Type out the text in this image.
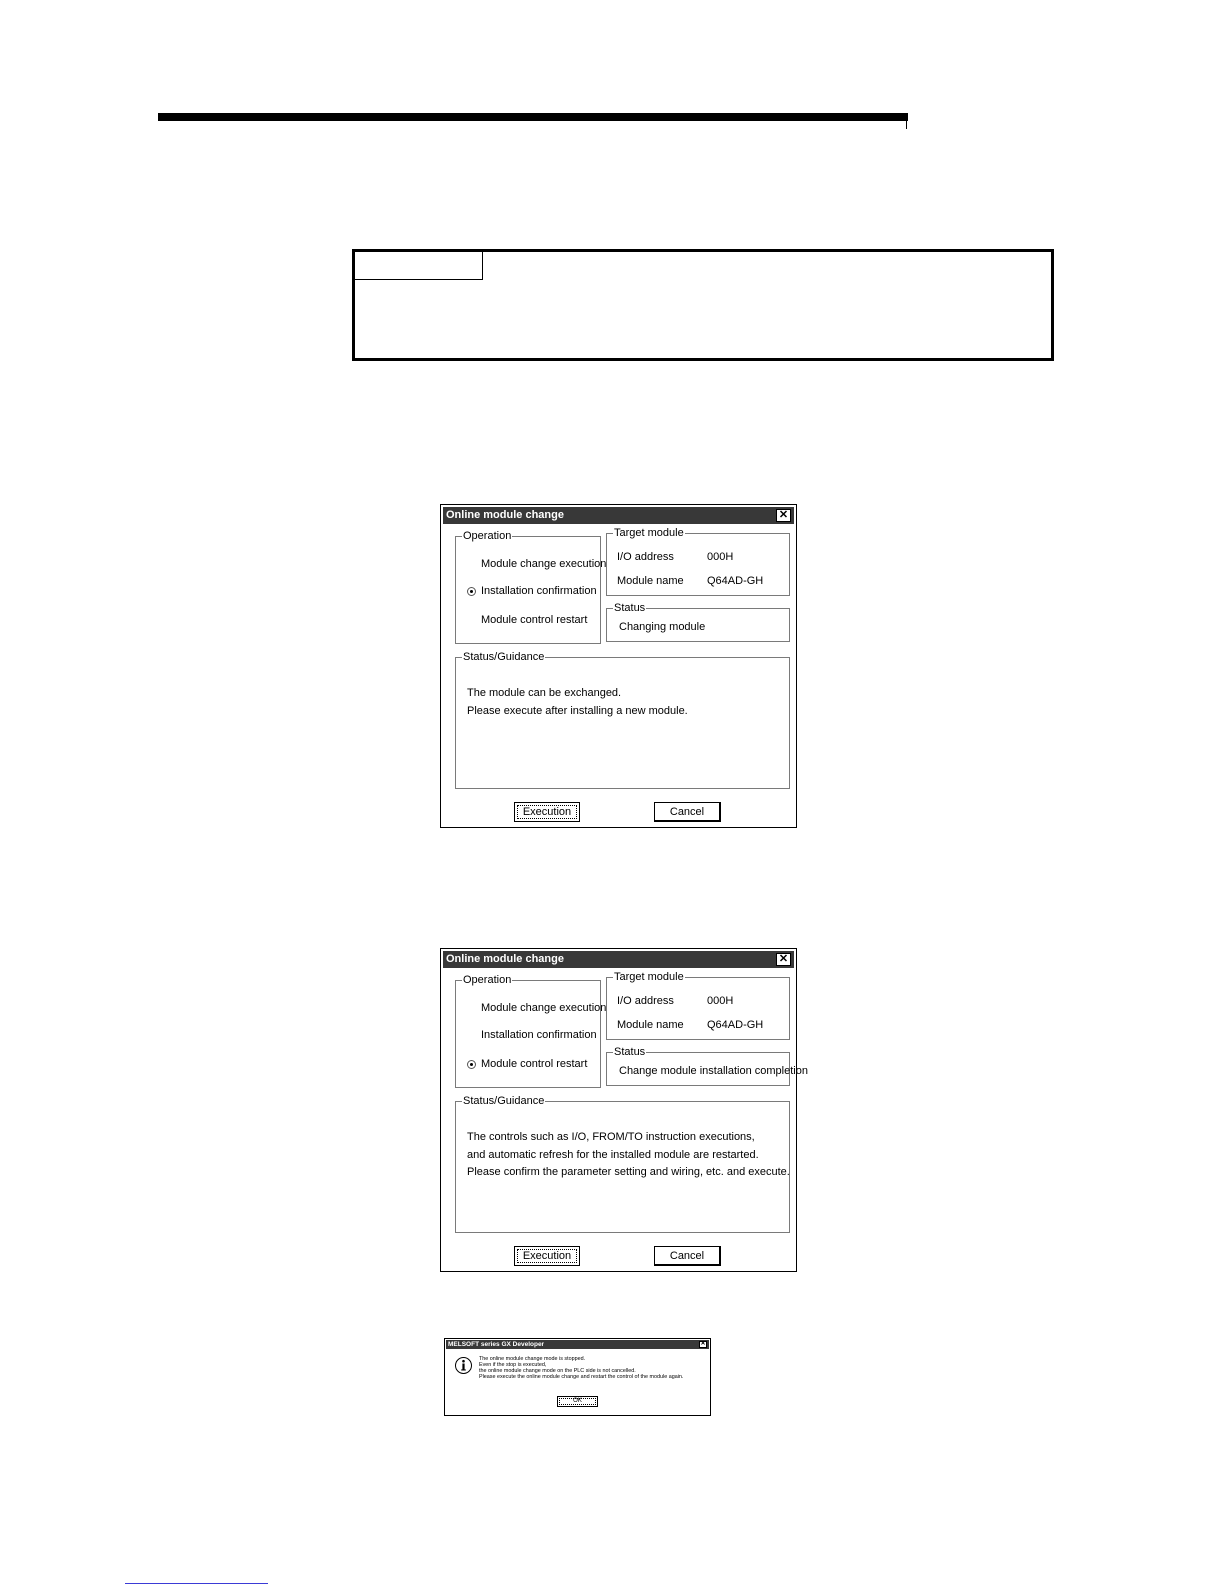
Online module change	✕
Operation
Module change execution
Installation confirmation
Module control restart
Target module
I/O address	000H
Module name Q64AD-GH
Status
Changing module
Status/Guidance
The module can be exchanged.
Please execute after installing a new module.
Execution	Cancel
Online module change	✕
Operation
Module change execution
Installation confirmation
Module control restart
Target module
I/O address	000H
Module name Q64AD-GH
Status
Change module installation completion
Status/Guidance
The controls such as I/O, FROM/TO instruction executions,
and automatic refresh for the installed module are restarted.
Please confirm the parameter setting and wiring, etc. and execute.
Execution	Cancel
MELSOFT series GX Developer	✕
The online module change mode is stopped.
Even if the stop is executed,
the online module change mode on the PLC side is not cancelled.
Please execute the online module change and restart the control of the module again.
OK
